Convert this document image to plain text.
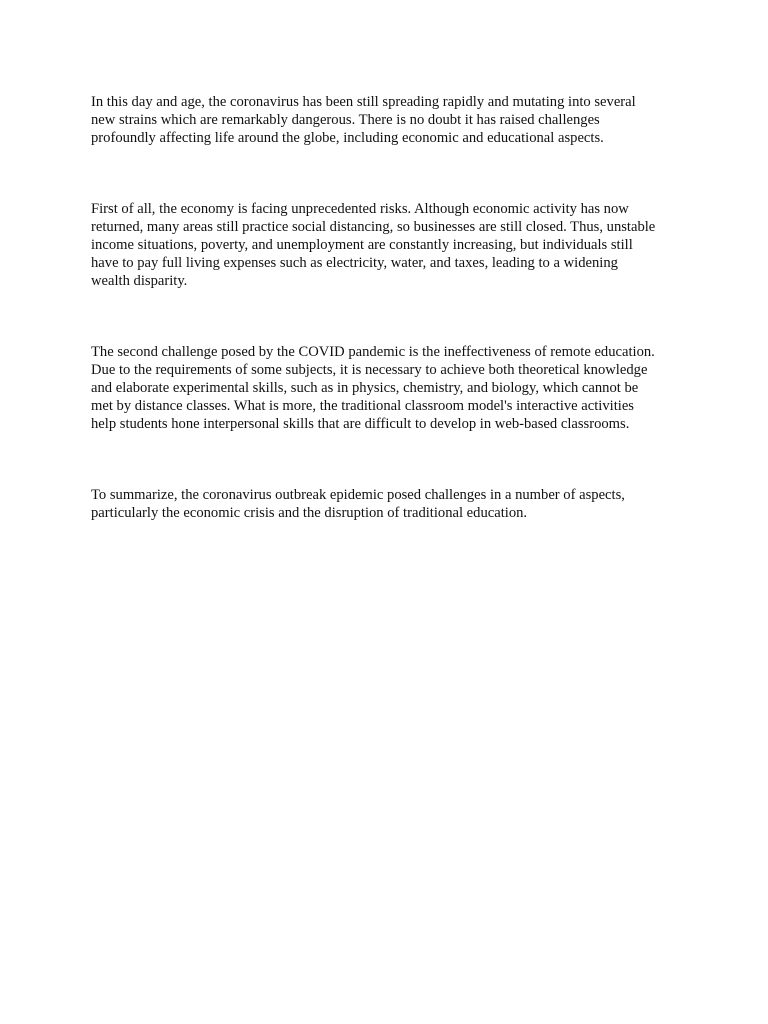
In this day and age, the coronavirus has been still spreading rapidly and mutating into several
new strains which are remarkably dangerous. There is no doubt it has raised challenges
profoundly affecting life around the globe, including economic and educational aspects.

First of all, the economy is facing unprecedented risks. Although economic activity has now
returned, many areas still practice social distancing, so businesses are still closed. Thus, unstable
income situations, poverty, and unemployment are constantly increasing, but individuals still
have to pay full living expenses such as electricity, water, and taxes, leading to a widening
wealth disparity.

The second challenge posed by the COVID pandemic is the ineffectiveness of remote education.
Due to the requirements of some subjects, it is necessary to achieve both theoretical knowledge
and elaborate experimental skills, such as in physics, chemistry, and biology, which cannot be
met by distance classes. What is more, the traditional classroom model's interactive activities
help students hone interpersonal skills that are difficult to develop in web-based classrooms.

To summarize, the coronavirus outbreak epidemic posed challenges in a number of aspects,
particularly the economic crisis and the disruption of traditional education.
